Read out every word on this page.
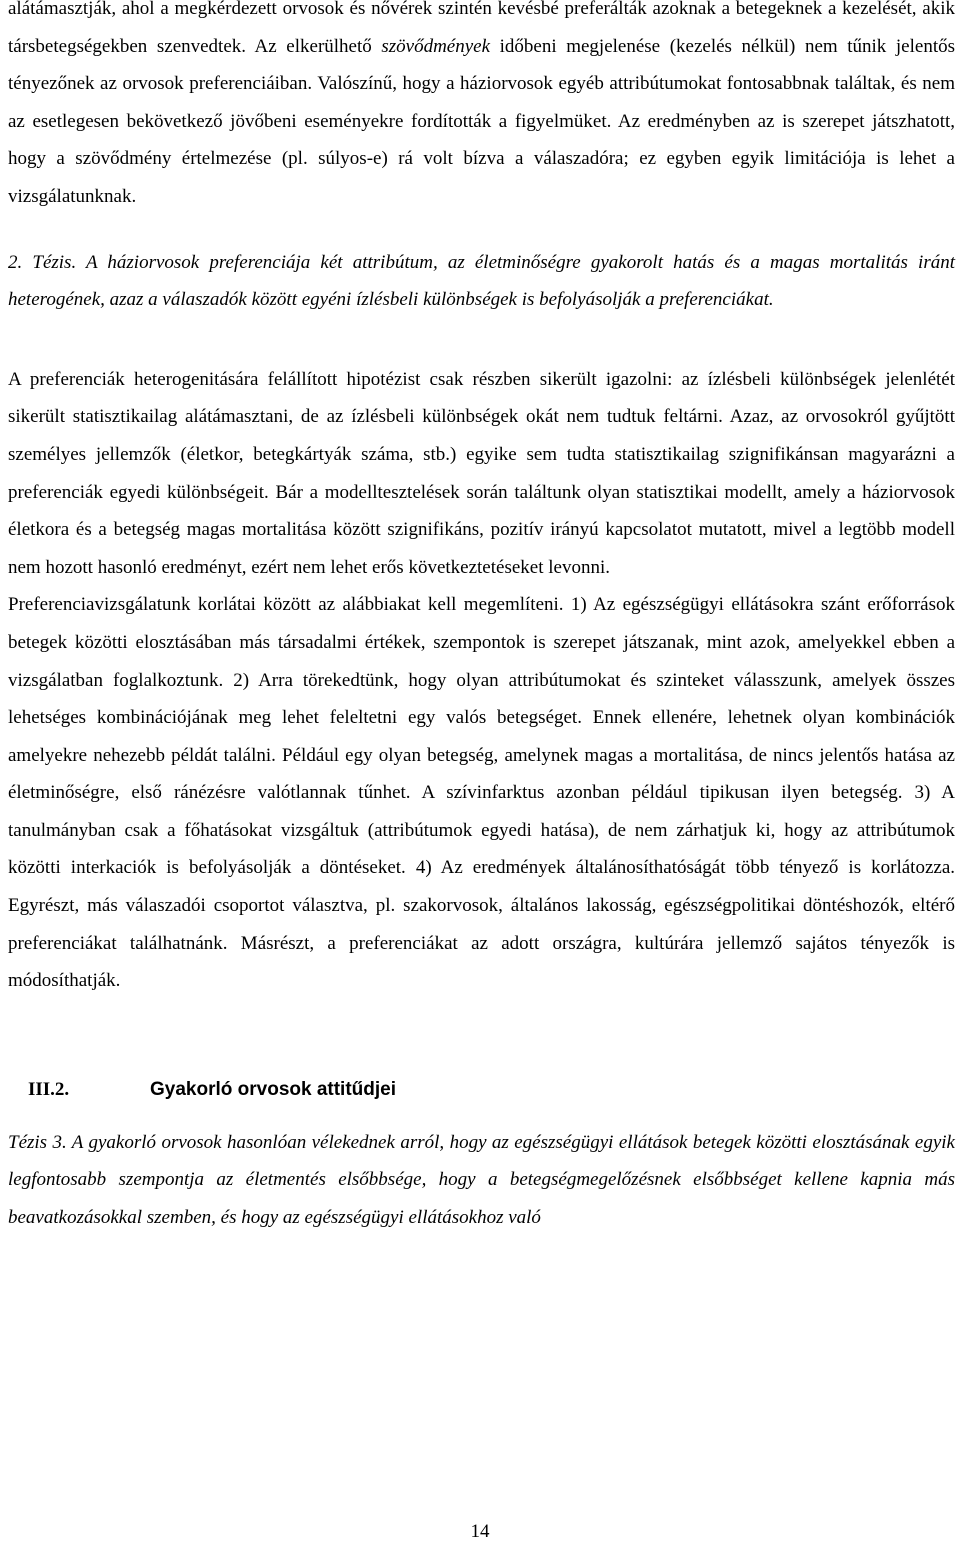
alátámasztják, ahol a megkérdezett orvosok és nővérek szintén kevésbé preferálták azoknak a betegeknek a kezelését, akik társbetegségekben szenvedtek. Az elkerülhető szövődmények időbeni megjelenése (kezelés nélkül) nem tűnik jelentős tényezőnek az orvosok preferenciáiban. Valószínű, hogy a háziorvosok egyéb attribútumokat fontosabbnak találtak, és nem az esetlegesen bekövetkező jövőbeni eseményekre fordították a figyelmüket. Az eredményben az is szerepet játszhatott, hogy a szövődmény értelmezése (pl. súlyos-e) rá volt bízva a válaszadóra; ez egyben egyik limitációja is lehet a vizsgálatunknak.

2. Tézis. A háziorvosok preferenciája két attribútum, az életminőségre gyakorolt hatás és a magas mortalitás iránt heterogének, azaz a válaszadók között egyéni ízlésbeli különbségek is befolyásolják a preferenciákat.

A preferenciák heterogenitására felállított hipotézist csak részben sikerült igazolni: az ízlésbeli különbségek jelenlétét sikerült statisztikailag alátámasztani, de az ízlésbeli különbségek okát nem tudtuk feltárni. Azaz, az orvosokról gyűjtött személyes jellemzők (életkor, betegkártyák száma, stb.) egyike sem tudta statisztikailag szignifikánsan magyarázni a preferenciák egyedi különbségeit. Bár a modelltesztelések során találtunk olyan statisztikai modellt, amely a háziorvosok életkora és a betegség magas mortalitása között szignifikáns, pozitív irányú kapcsolatot mutatott, mivel a legtöbb modell nem hozott hasonló eredményt, ezért nem lehet erős következtetéseket levonni.

Preferenciavizsgálatunk korlátai között az alábbiakat kell megemlíteni. 1) Az egészségügyi ellátásokra szánt erőforrások betegek közötti elosztásában más társadalmi értékek, szempontok is szerepet játszanak, mint azok, amelyekkel ebben a vizsgálatban foglalkoztunk. 2) Arra törekedtünk, hogy olyan attribútumokat és szinteket válasszunk, amelyek összes lehetséges kombinációjának meg lehet feleltetni egy valós betegséget. Ennek ellenére, lehetnek olyan kombinációk amelyekre nehezebb példát találni. Például egy olyan betegség, amelynek magas a mortalitása, de nincs jelentős hatása az életminőségre, első ránézésre valótlannak tűnhet. A szívinfarktus azonban például tipikusan ilyen betegség. 3) A tanulmányban csak a főhatásokat vizsgáltuk (attribútumok egyedi hatása), de nem zárhatjuk ki, hogy az attribútumok közötti interkaciók is befolyásolják a döntéseket. 4) Az eredmények általánosíthatóságát több tényező is korlátozza. Egyrészt, más válaszadói csoportot választva, pl. szakorvosok, általános lakosság, egészségpolitikai döntéshozók, eltérő preferenciákat találhatnánk. Másrészt, a preferenciákat az adott országra, kultúrára jellemző sajátos tényezők is módosíthatják.

III.2.	Gyakorló orvosok attitűdjei

Tézis 3. A gyakorló orvosok hasonlóan vélekednek arról, hogy az egészségügyi ellátások betegek közötti elosztásának egyik legfontosabb szempontja az életmentés elsőbbsége, hogy a betegségmegelőzésnek elsőbbséget kellene kapnia más beavatkozásokkal szemben, és hogy az egészségügyi ellátásokhoz való

14
